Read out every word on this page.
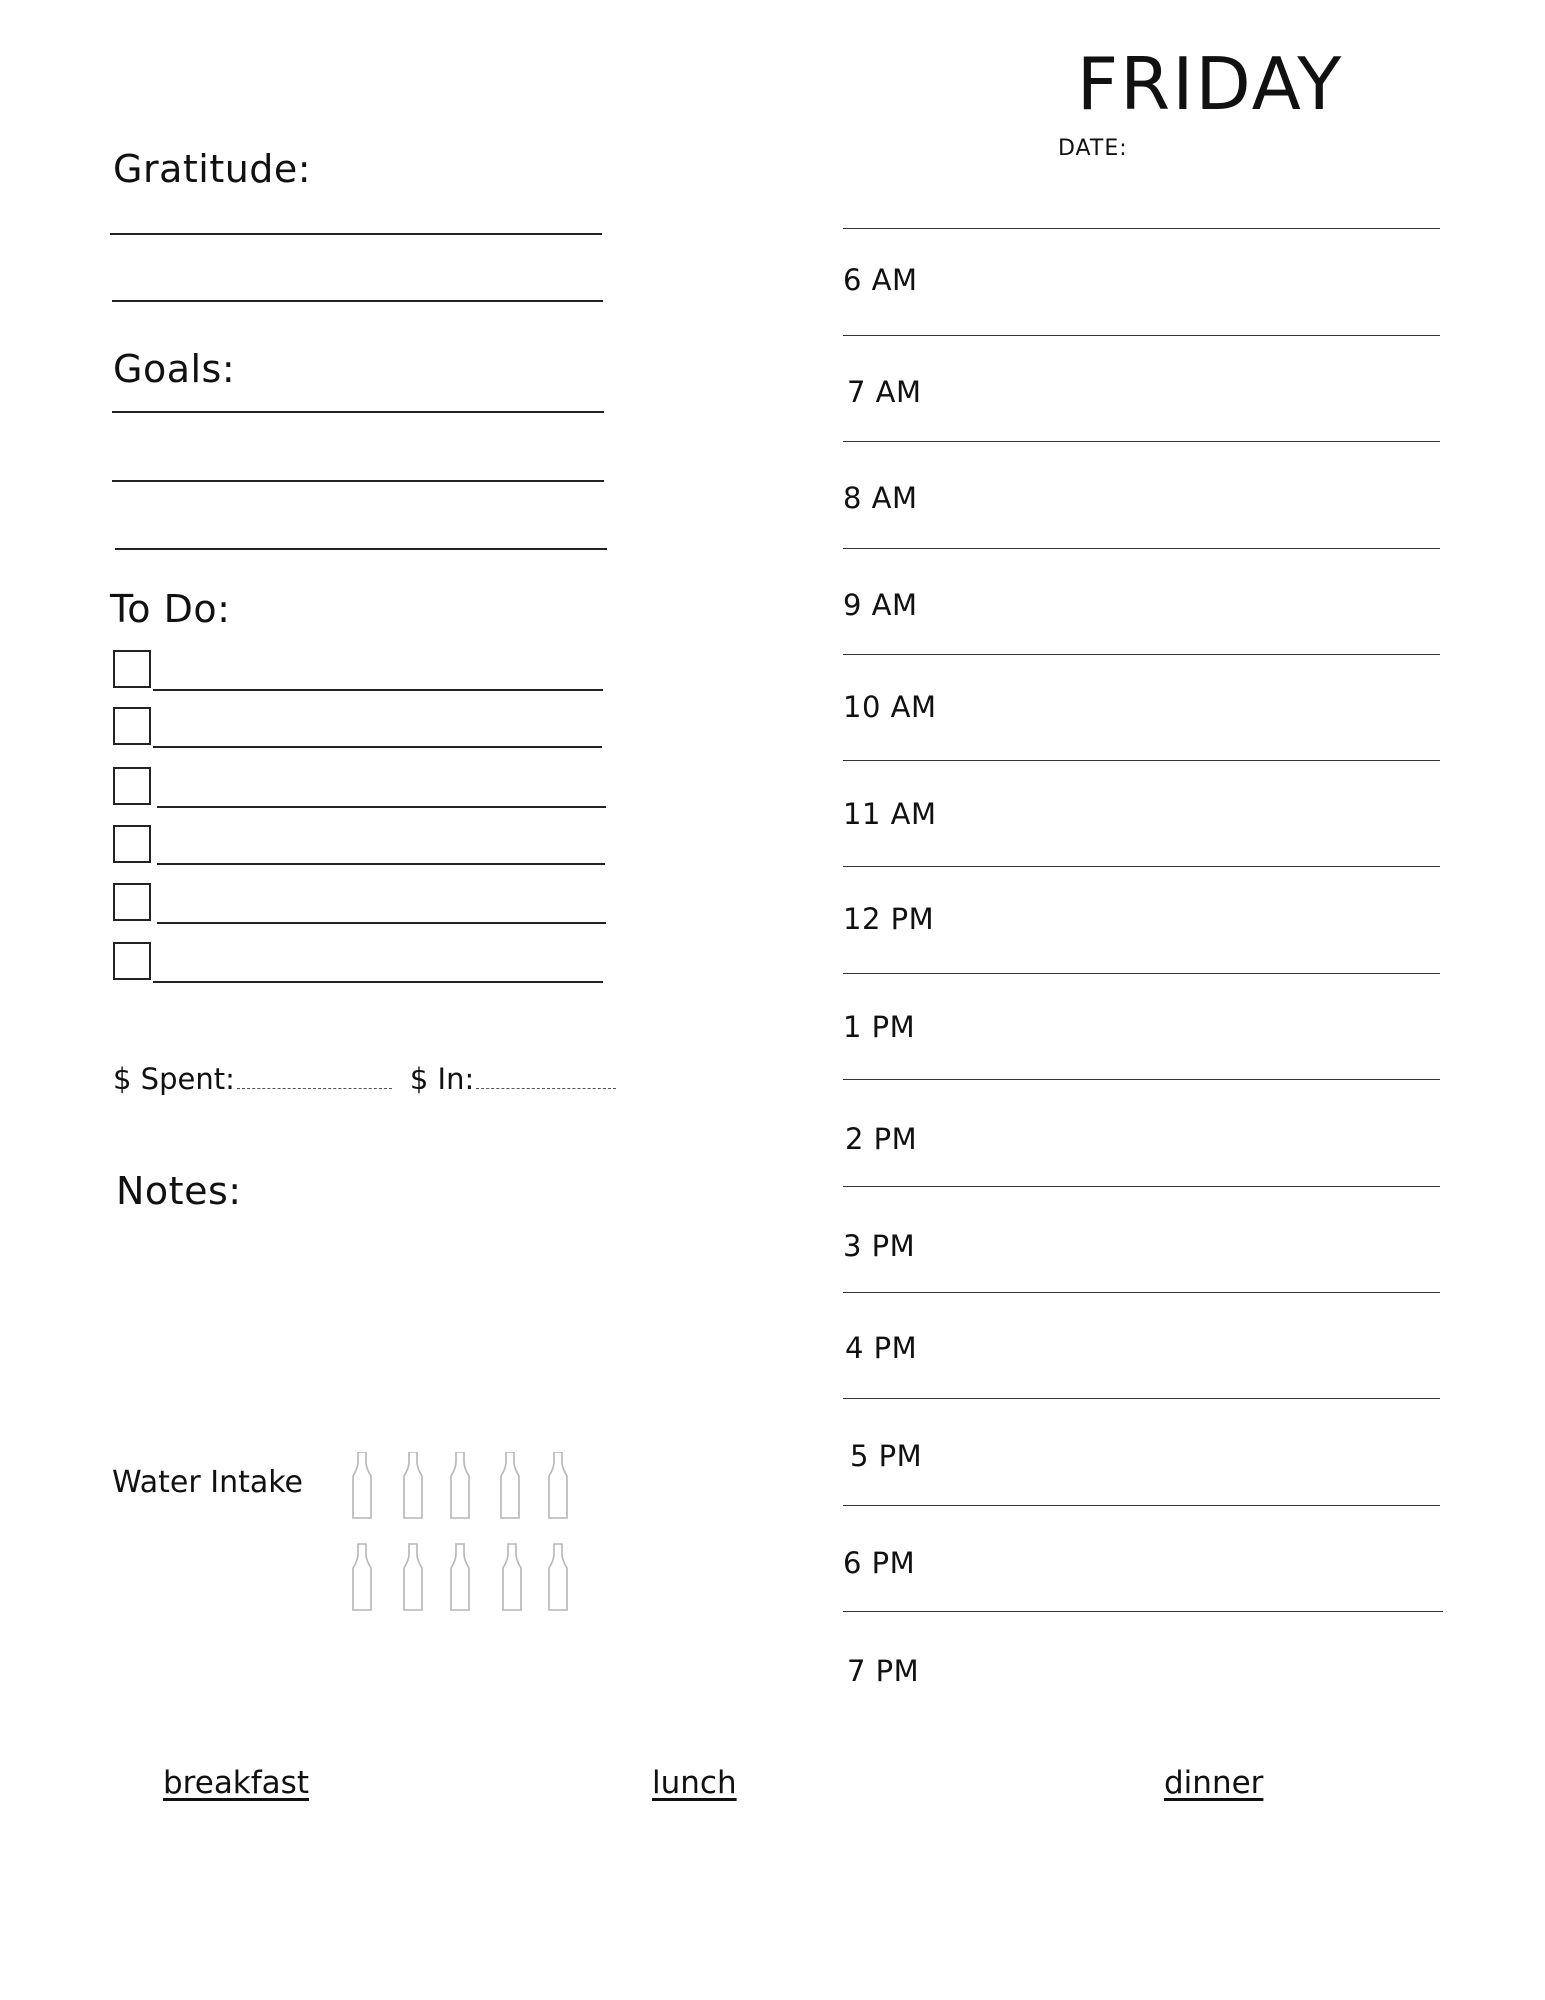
FRIDAY
DATE:
Gratitude:
Goals:
To Do:
$ Spent:	$ In:
Notes:
Water Intake
6 AM
7 AM
8 AM
9 AM
10 AM
11 AM
12 PM
1 PM
2 PM
3 PM
4 PM
5 PM
6 PM
7 PM
breakfast	lunch	dinner
